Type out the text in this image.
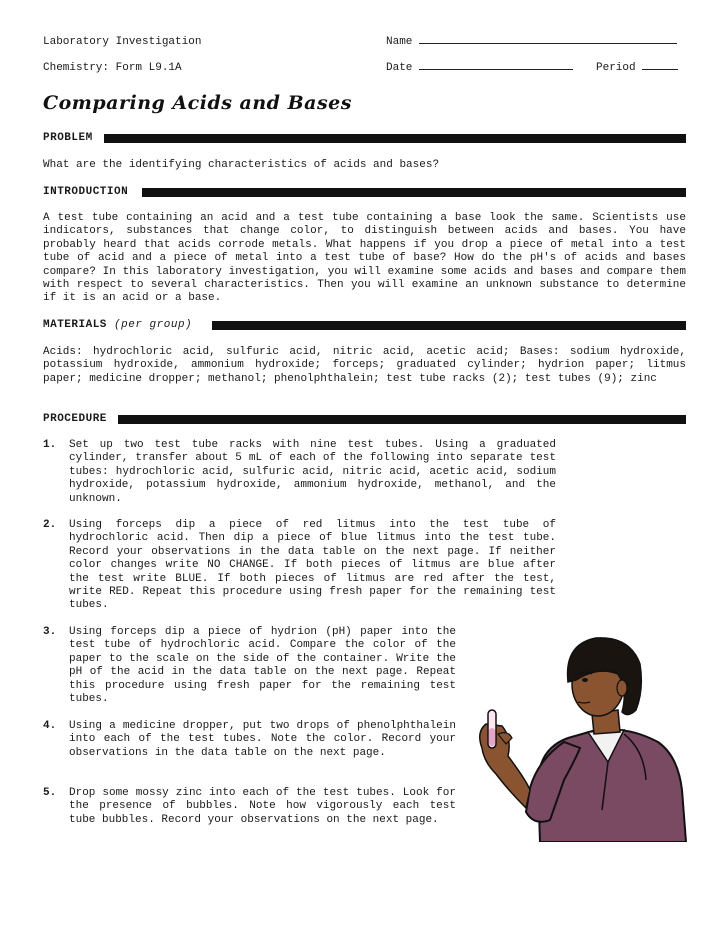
Laboratory Investigation	Name
Chemistry: Form L9.1A	Date	Period
Comparing Acids and Bases
PROBLEM
What are the identifying characteristics of acids and bases?
INTRODUCTION
A test tube containing an acid and a test tube containing a base look the same. Scientists use indicators, substances that change color, to distinguish between acids and bases. You have probably heard that acids corrode metals. What happens if you drop a piece of metal into a test tube of acid and a piece of metal into a test tube of base? How do the pH's of acids and bases compare? In this laboratory investigation, you will examine some acids and bases and compare them with respect to several characteristics. Then you will examine an unknown substance to determine if it is an acid or a base.
MATERIALS (per group)
Acids: hydrochloric acid, sulfuric acid, nitric acid, acetic acid; Bases: sodium hydroxide, potassium hydroxide, ammonium hydroxide; forceps; graduated cylinder; hydrion paper; litmus paper; medicine dropper; methanol; phenolphthalein; test tube racks (2); test tubes (9); zinc
PROCEDURE
1. Set up two test tube racks with nine test tubes. Using a graduated cylinder, transfer about 5 mL of each of the following into separate test tubes: hydrochloric acid, sulfuric acid, nitric acid, acetic acid, sodium hydroxide, potassium hydroxide, ammonium hydroxide, methanol, and the unknown.
2. Using forceps dip a piece of red litmus into the test tube of hydrochloric acid. Then dip a piece of blue litmus into the test tube. Record your observations in the data table on the next page. If neither color changes write NO CHANGE. If both pieces of litmus are blue after the test write BLUE. If both pieces of litmus are red after the test, write RED. Repeat this procedure using fresh paper for the remaining test tubes.
3. Using forceps dip a piece of hydrion (pH) paper into the test tube of hydrochloric acid. Compare the color of the paper to the scale on the side of the container. Write the pH of the acid in the data table on the next page. Repeat this procedure using fresh paper for the remaining test tubes.
4. Using a medicine dropper, put two drops of phenolphthalein into each of the test tubes. Note the color. Record your observations in the data table on the next page.
5. Drop some mossy zinc into each of the test tubes. Look for the presence of bubbles. Note how vigorously each test tube bubbles. Record your observations on the next page.
